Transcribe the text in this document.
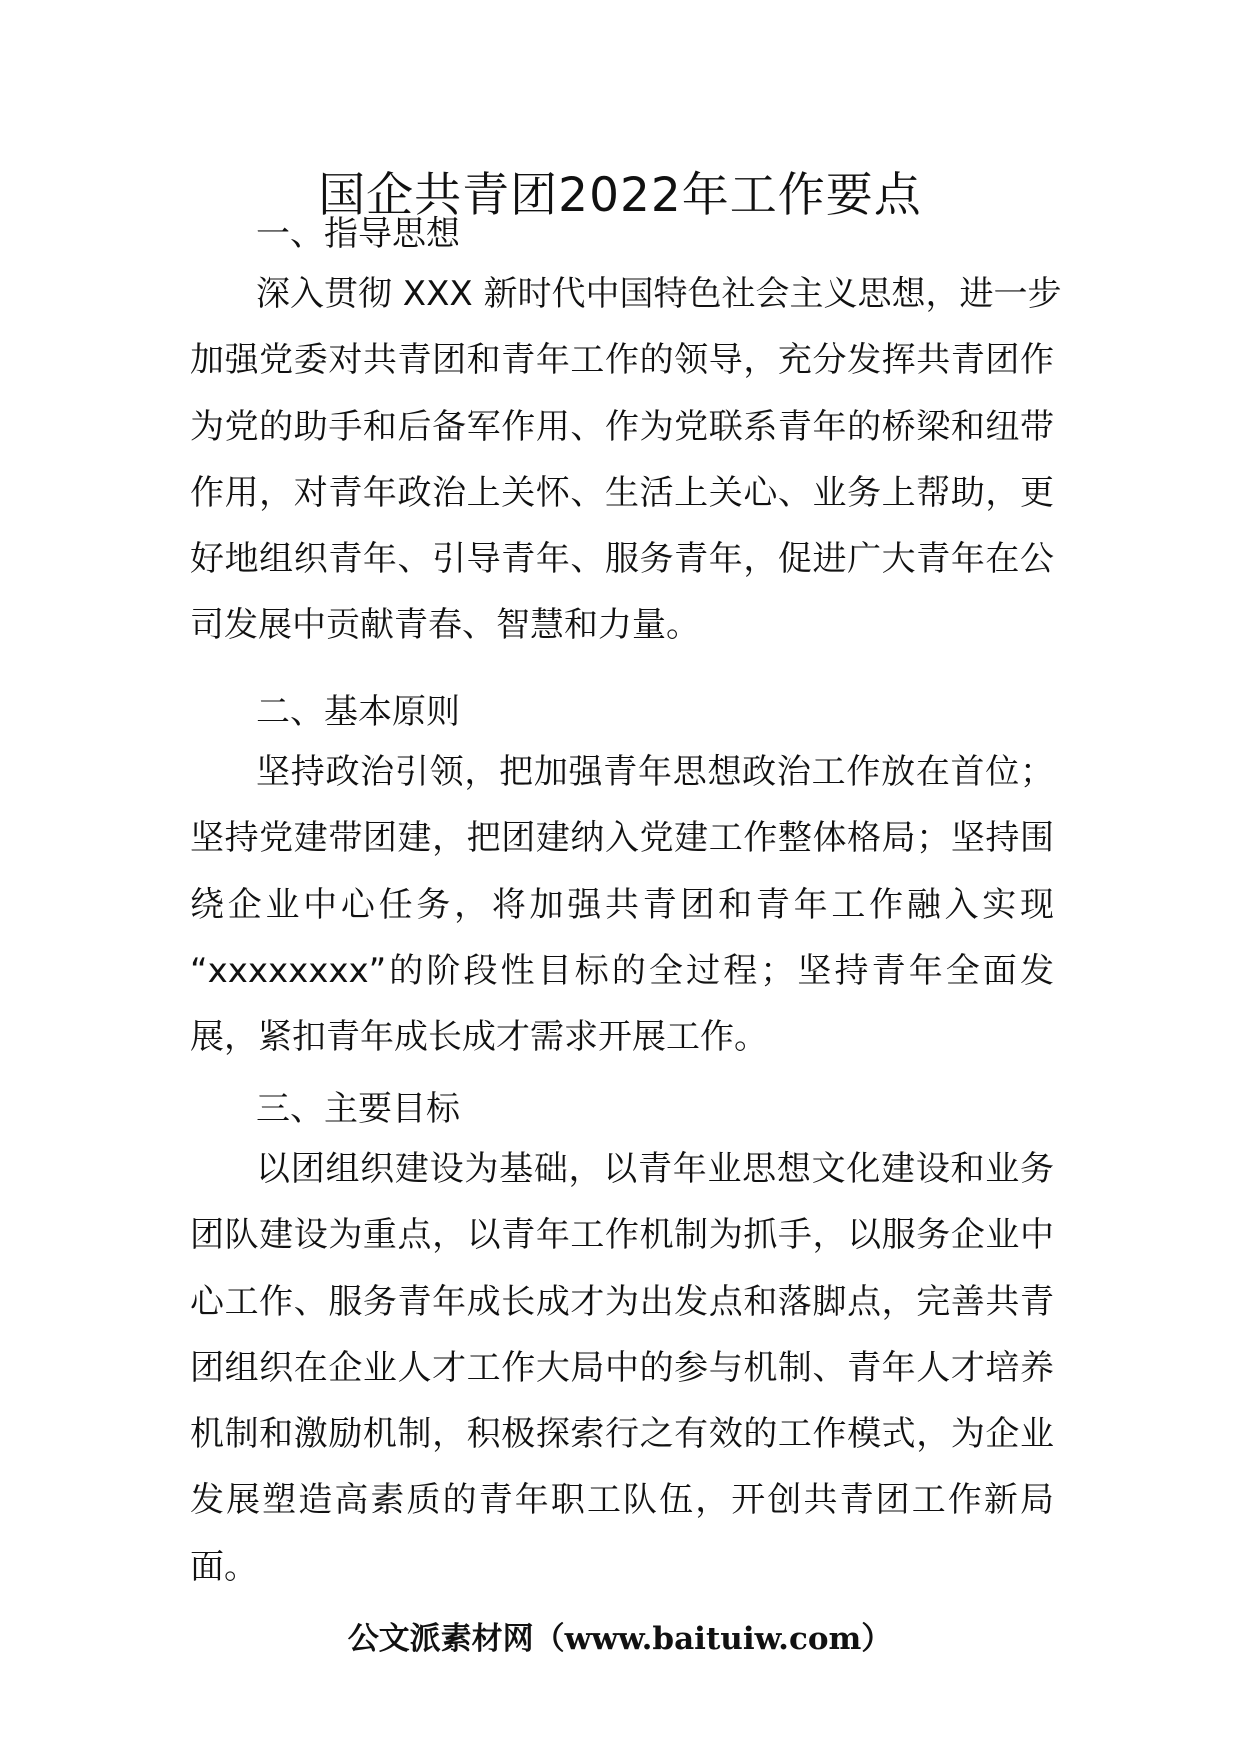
国企共青团2022年工作要点
一、指导思想
深入贯彻 XXX 新时代中国特色社会主义思想，进一步
加强党委对共青团和青年工作的领导，充分发挥共青团作
为党的助手和后备军作用、作为党联系青年的桥梁和纽带
作用，对青年政治上关怀、生活上关心、业务上帮助，更
好地组织青年、引导青年、服务青年，促进广大青年在公
司发展中贡献青春、智慧和力量。
二、基本原则
坚持政治引领，把加强青年思想政治工作放在首位；
坚持党建带团建，把团建纳入党建工作整体格局；坚持围
绕企业中心任务，将加强共青团和青年工作融入实现
“xxxxxxxx”的阶段性目标的全过程；坚持青年全面发
展，紧扣青年成长成才需求开展工作。
三、主要目标
以团组织建设为基础，以青年业思想文化建设和业务
团队建设为重点，以青年工作机制为抓手，以服务企业中
心工作、服务青年成长成才为出发点和落脚点，完善共青
团组织在企业人才工作大局中的参与机制、青年人才培养
机制和激励机制，积极探索行之有效的工作模式，为企业
发展塑造高素质的青年职工队伍，开创共青团工作新局
面。
公文派素材网（www.baituiw.com）
